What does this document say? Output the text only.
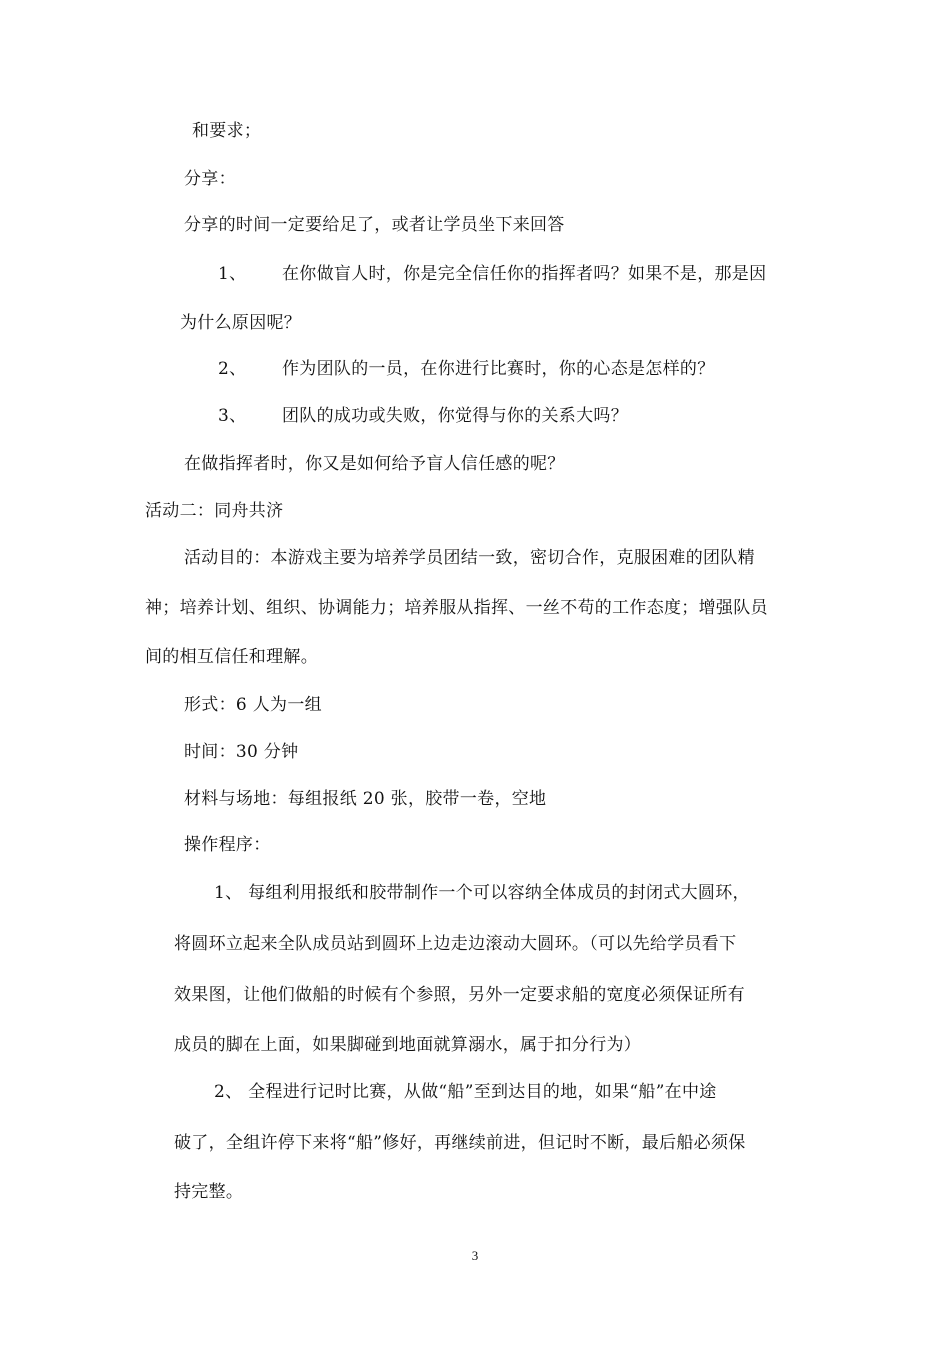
和要求；
分享：
分享的时间一定要给足了，或者让学员坐下来回答
1、 在你做盲人时，你是完全信任你的指挥者吗？如果不是，那是因
为什么原因呢？
2、 作为团队的一员，在你进行比赛时，你的心态是怎样的？
3、 团队的成功或失败，你觉得与你的关系大吗？
在做指挥者时，你又是如何给予盲人信任感的呢？
活动二：同舟共济
活动目的：本游戏主要为培养学员团结一致，密切合作，克服困难的团队精
神；培养计划、组织、协调能力；培养服从指挥、一丝不苟的工作态度；增强队员
间的相互信任和理解。
形式：6 人为一组
时间：30 分钟
材料与场地：每组报纸 20 张，胶带一卷，空地
操作程序：
1、 每组利用报纸和胶带制作一个可以容纳全体成员的封闭式大圆环，
将圆环立起来全队成员站到圆环上边走边滚动大圆环。（可以先给学员看下
效果图，让他们做船的时候有个参照，另外一定要求船的宽度必须保证所有
成员的脚在上面，如果脚碰到地面就算溺水，属于扣分行为）
2、 全程进行记时比赛，从做“船”至到达目的地，如果“船”在中途
破了，全组许停下来将“船”修好，再继续前进，但记时不断，最后船必须保
持完整。
3
